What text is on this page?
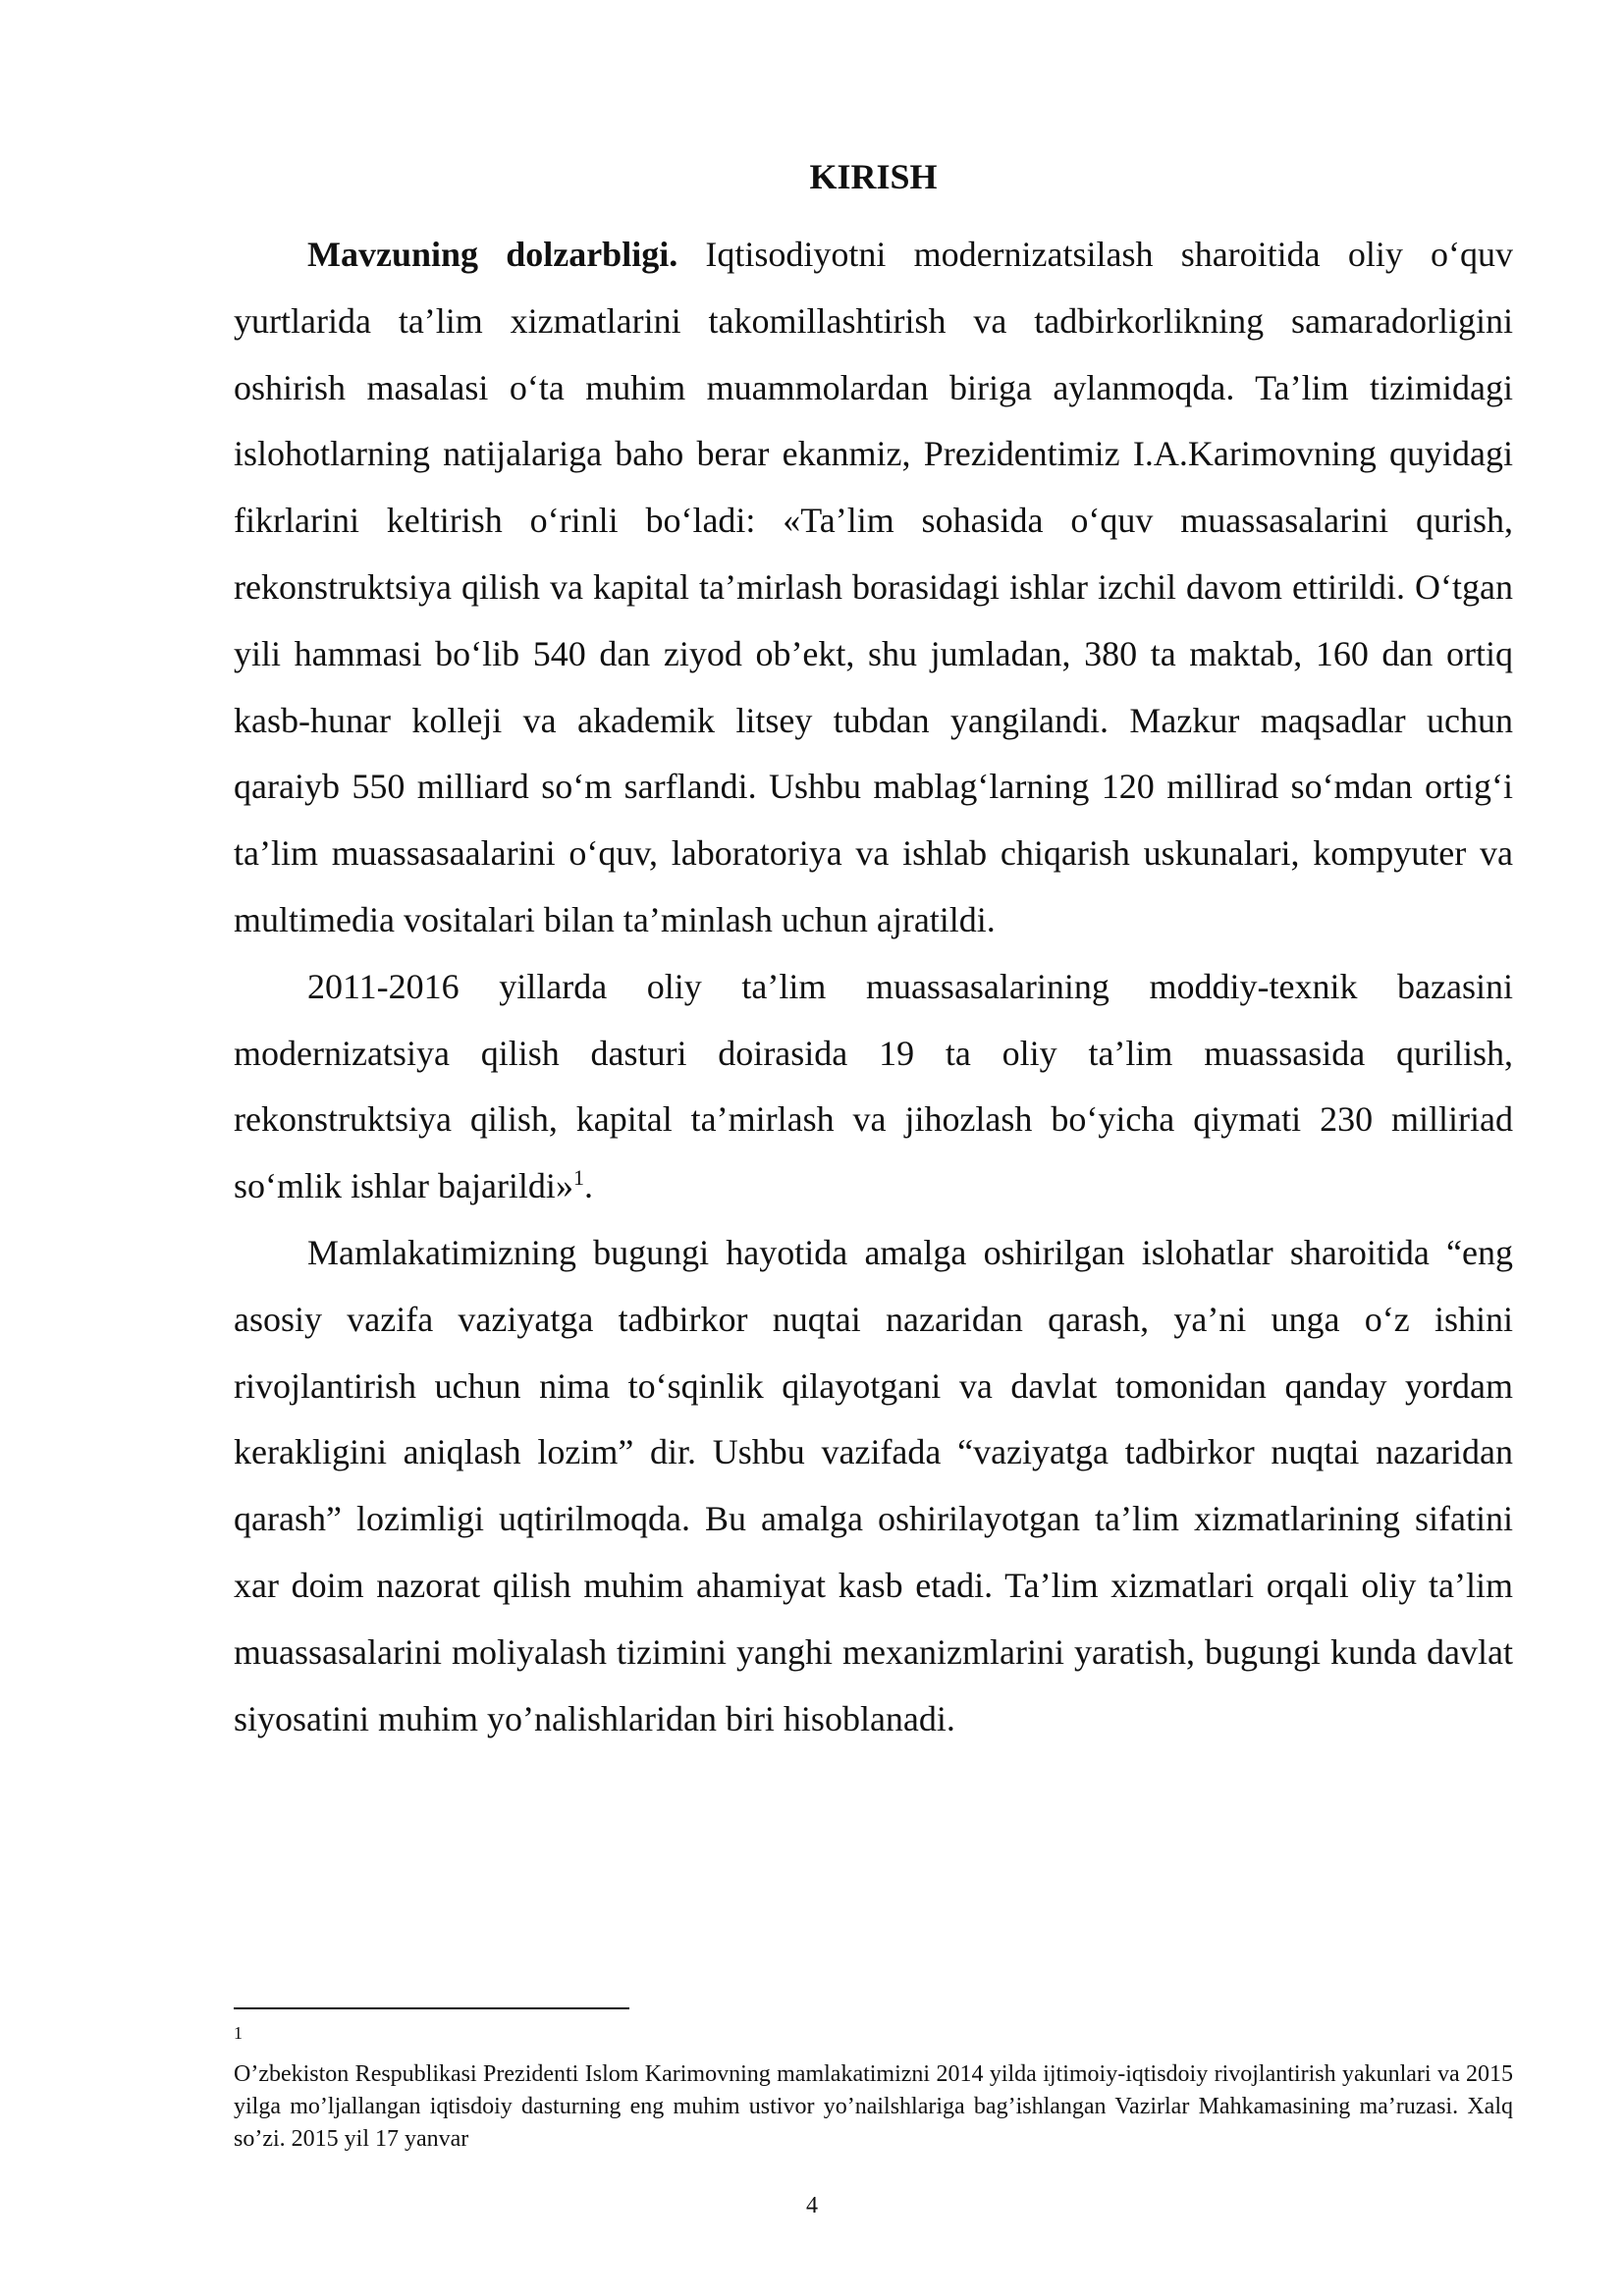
KIRISH

Mavzuning dolzarbligi. Iqtisodiyotni modernizatsilash sharoitida oliy o‘quv yurtlarida ta’lim xizmatlarini takomillashtirish va tadbirkorlikning samaradorligini oshirish masalasi o‘ta muhim muammolardan biriga aylanmoqda. Ta’lim tizimidagi islohotlarning natijalariga baho berar ekanmiz, Prezidentimiz I.A.Karimovning quyidagi fikrlarini keltirish o‘rinli bo‘ladi: «Ta’lim sohasida o‘quv muassasalarini qurish, rekonstruktsiya qilish va kapital ta’mirlash borasidagi ishlar izchil davom ettirildi. O‘tgan yili hammasi bo‘lib 540 dan ziyod ob’ekt, shu jumladan, 380 ta maktab, 160 dan ortiq kasb-hunar kolleji va akademik litsey tubdan yangilandi. Mazkur maqsadlar uchun qaraiyb 550 milliard so‘m sarflandi. Ushbu mablag‘larning 120 millirad so‘mdan ortig‘i ta’lim muassasaalarini o‘quv, laboratoriya va ishlab chiqarish uskunalari, kompyuter va multimedia vositalari bilan ta’minlash uchun ajratildi.

2011-2016 yillarda oliy ta’lim muassasalarining moddiy-texnik bazasini modernizatsiya qilish dasturi doirasida 19 ta oliy ta’lim muassasida qurilish, rekonstruktsiya qilish, kapital ta’mirlash va jihozlash bo‘yicha qiymati 230 milliriad so‘mlik ishlar bajarildi»$^1$.

Mamlakatimizning bugungi hayotida amalga oshirilgan islohatlar sharoitida “eng asosiy vazifa vaziyatga tadbirkor nuqtai nazaridan qarash, ya’ni unga o‘z ishini rivojlantirish uchun nima to‘sqinlik qilayotgani va davlat tomonidan qanday yordam kerakligini aniqlash lozim” dir. Ushbu vazifada “vaziyatga tadbirkor nuqtai nazaridan qarash” lozimligi uqtirilmoqda. Bu amalga oshirilayotgan ta’lim xizmatlarining sifatini xar doim nazorat qilish muhim ahamiyat kasb etadi. Ta’lim xizmatlari orqali oliy ta’lim muassasalarini moliyalash tizimini yanghi mexanizmlarini yaratish, bugungi kunda davlat siyosatini muhim yo’nalishlaridan biri hisoblanadi.

1

O’zbekiston Respublikasi Prezidenti Islom Karimovning mamlakatimizni 2014 yilda ijtimoiy-iqtisdoiy rivojlantirish yakunlari va 2015 yilga mo’ljallangan iqtisdoiy dasturning eng muhim ustivor yo’nailshlariga bag’ishlangan Vazirlar Mahkamasining ma’ruzasi. Xalq so’zi. 2015 yil 17 yanvar

4
